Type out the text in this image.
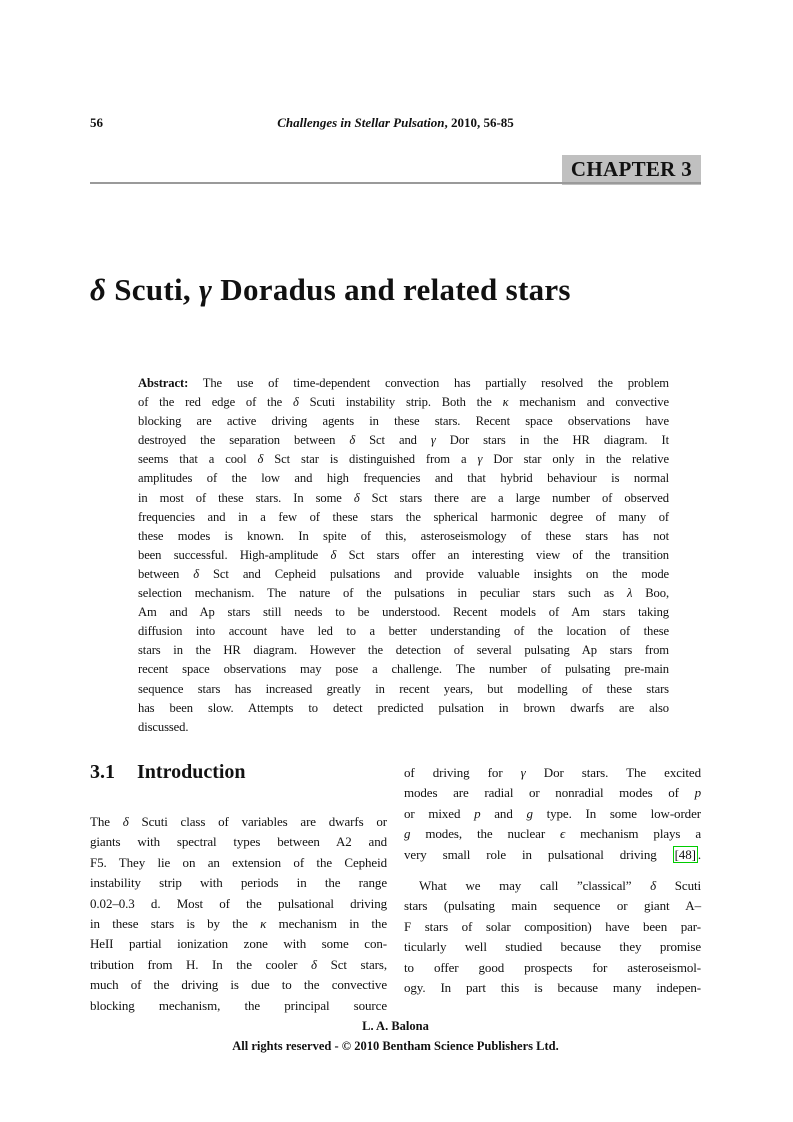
56	Challenges in Stellar Pulsation, 2010, 56-85
CHAPTER 3
δ Scuti, γ Doradus and related stars
Abstract: The use of time-dependent convection has partially resolved the problem
of the red edge of the δ Scuti instability strip. Both the κ mechanism and convective
blocking are active driving agents in these stars. Recent space observations have
destroyed the separation between δ Sct and γ Dor stars in the HR diagram. It
seems that a cool δ Sct star is distinguished from a γ Dor star only in the relative
amplitudes of the low and high frequencies and that hybrid behaviour is normal
in most of these stars. In some δ Sct stars there are a large number of observed
frequencies and in a few of these stars the spherical harmonic degree of many of
these modes is known. In spite of this, asteroseismology of these stars has not
been successful. High-amplitude δ Sct stars offer an interesting view of the transition
between δ Sct and Cepheid pulsations and provide valuable insights on the mode
selection mechanism. The nature of the pulsations in peculiar stars such as λ Boo,
Am and Ap stars still needs to be understood. Recent models of Am stars taking
diffusion into account have led to a better understanding of the location of these
stars in the HR diagram. However the detection of several pulsating Ap stars from
recent space observations may pose a challenge. The number of pulsating pre-main
sequence stars has increased greatly in recent years, but modelling of these stars
has been slow. Attempts to detect predicted pulsation in brown dwarfs are also
discussed.
3.1 Introduction
The δ Scuti class of variables are dwarfs or
giants with spectral types between A2 and
F5. They lie on an extension of the Cepheid
instability strip with periods in the range
0.02–0.3 d. Most of the pulsational driving
in these stars is by the κ mechanism in the
HeII partial ionization zone with some con-
tribution from H. In the cooler δ Sct stars,
much of the driving is due to the convective
blocking mechanism, the principal source
of driving for γ Dor stars. The excited
modes are radial or nonradial modes of p
or mixed p and g type. In some low-order
g modes, the nuclear ϵ mechanism plays a
very small role in pulsational driving [48] .
What we may call ”classical” δ Scuti
stars (pulsating main sequence or giant A–
F stars of solar composition) have been par-
ticularly well studied because they promise
to offer good prospects for asteroseismol-
ogy. In part this is because many indepen-
L. A. Balona
All rights reserved - © 2010 Bentham Science Publishers Ltd.
